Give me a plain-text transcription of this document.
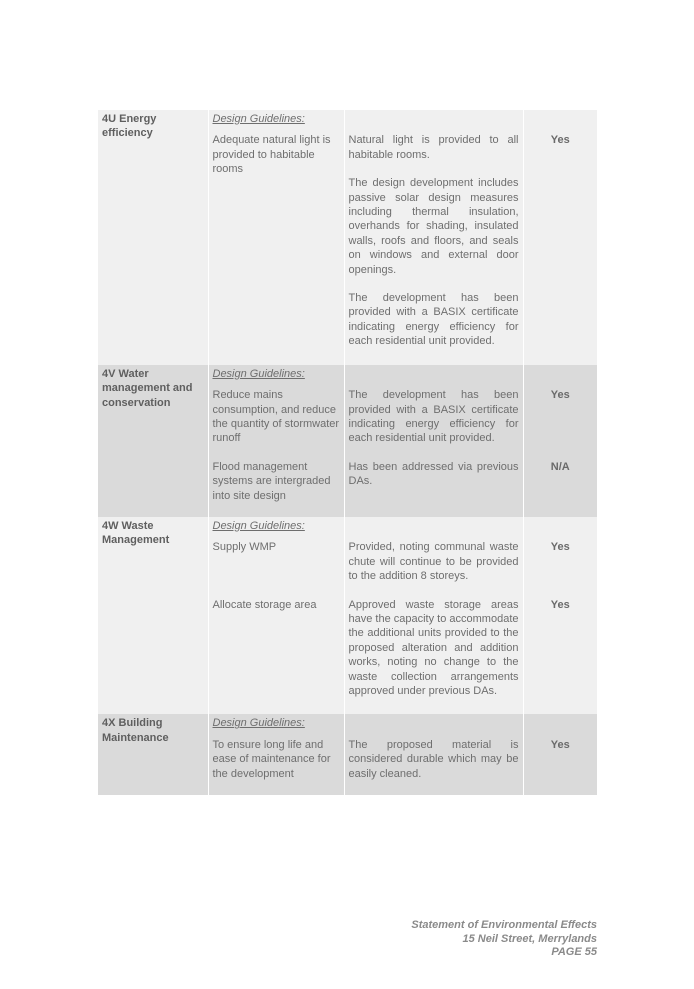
4U Energy efficiency	Design Guidelines:		

	Adequate natural light is provided to habitable rooms	Natural light is provided to all habitable rooms.
The design development includes passive solar design measures including thermal insulation, overhands for shading, insulated walls, roofs and floors, and seals on windows and external door openings.
The development has been provided with a BASIX certificate indicating energy efficiency for each residential unit provided.	Yes
4V Water management and conservation	Design Guidelines:		

	Reduce mains consumption, and reduce the quantity of stormwater runoff	The development has been provided with a BASIX certificate indicating energy efficiency for each residential unit provided.	Yes
	Flood management systems are intergraded into site design	Has been addressed via previous DAs.	N/A
4W Waste Management	Design Guidelines:		

	Supply WMP	Provided, noting communal waste chute will continue to be provided to the addition 8 storeys.	Yes
	Allocate storage area	Approved waste storage areas have the capacity to accommodate the additional units provided to the proposed alteration and addition works, noting no change to the waste collection arrangements approved under previous DAs.	Yes
4X Building Maintenance	Design Guidelines:		

	To ensure long life and ease of maintenance for the development	The proposed material is considered durable which may be easily cleaned.	Yes
Statement of Environmental Effects
15 Neil Street, Merrylands
PAGE 55
